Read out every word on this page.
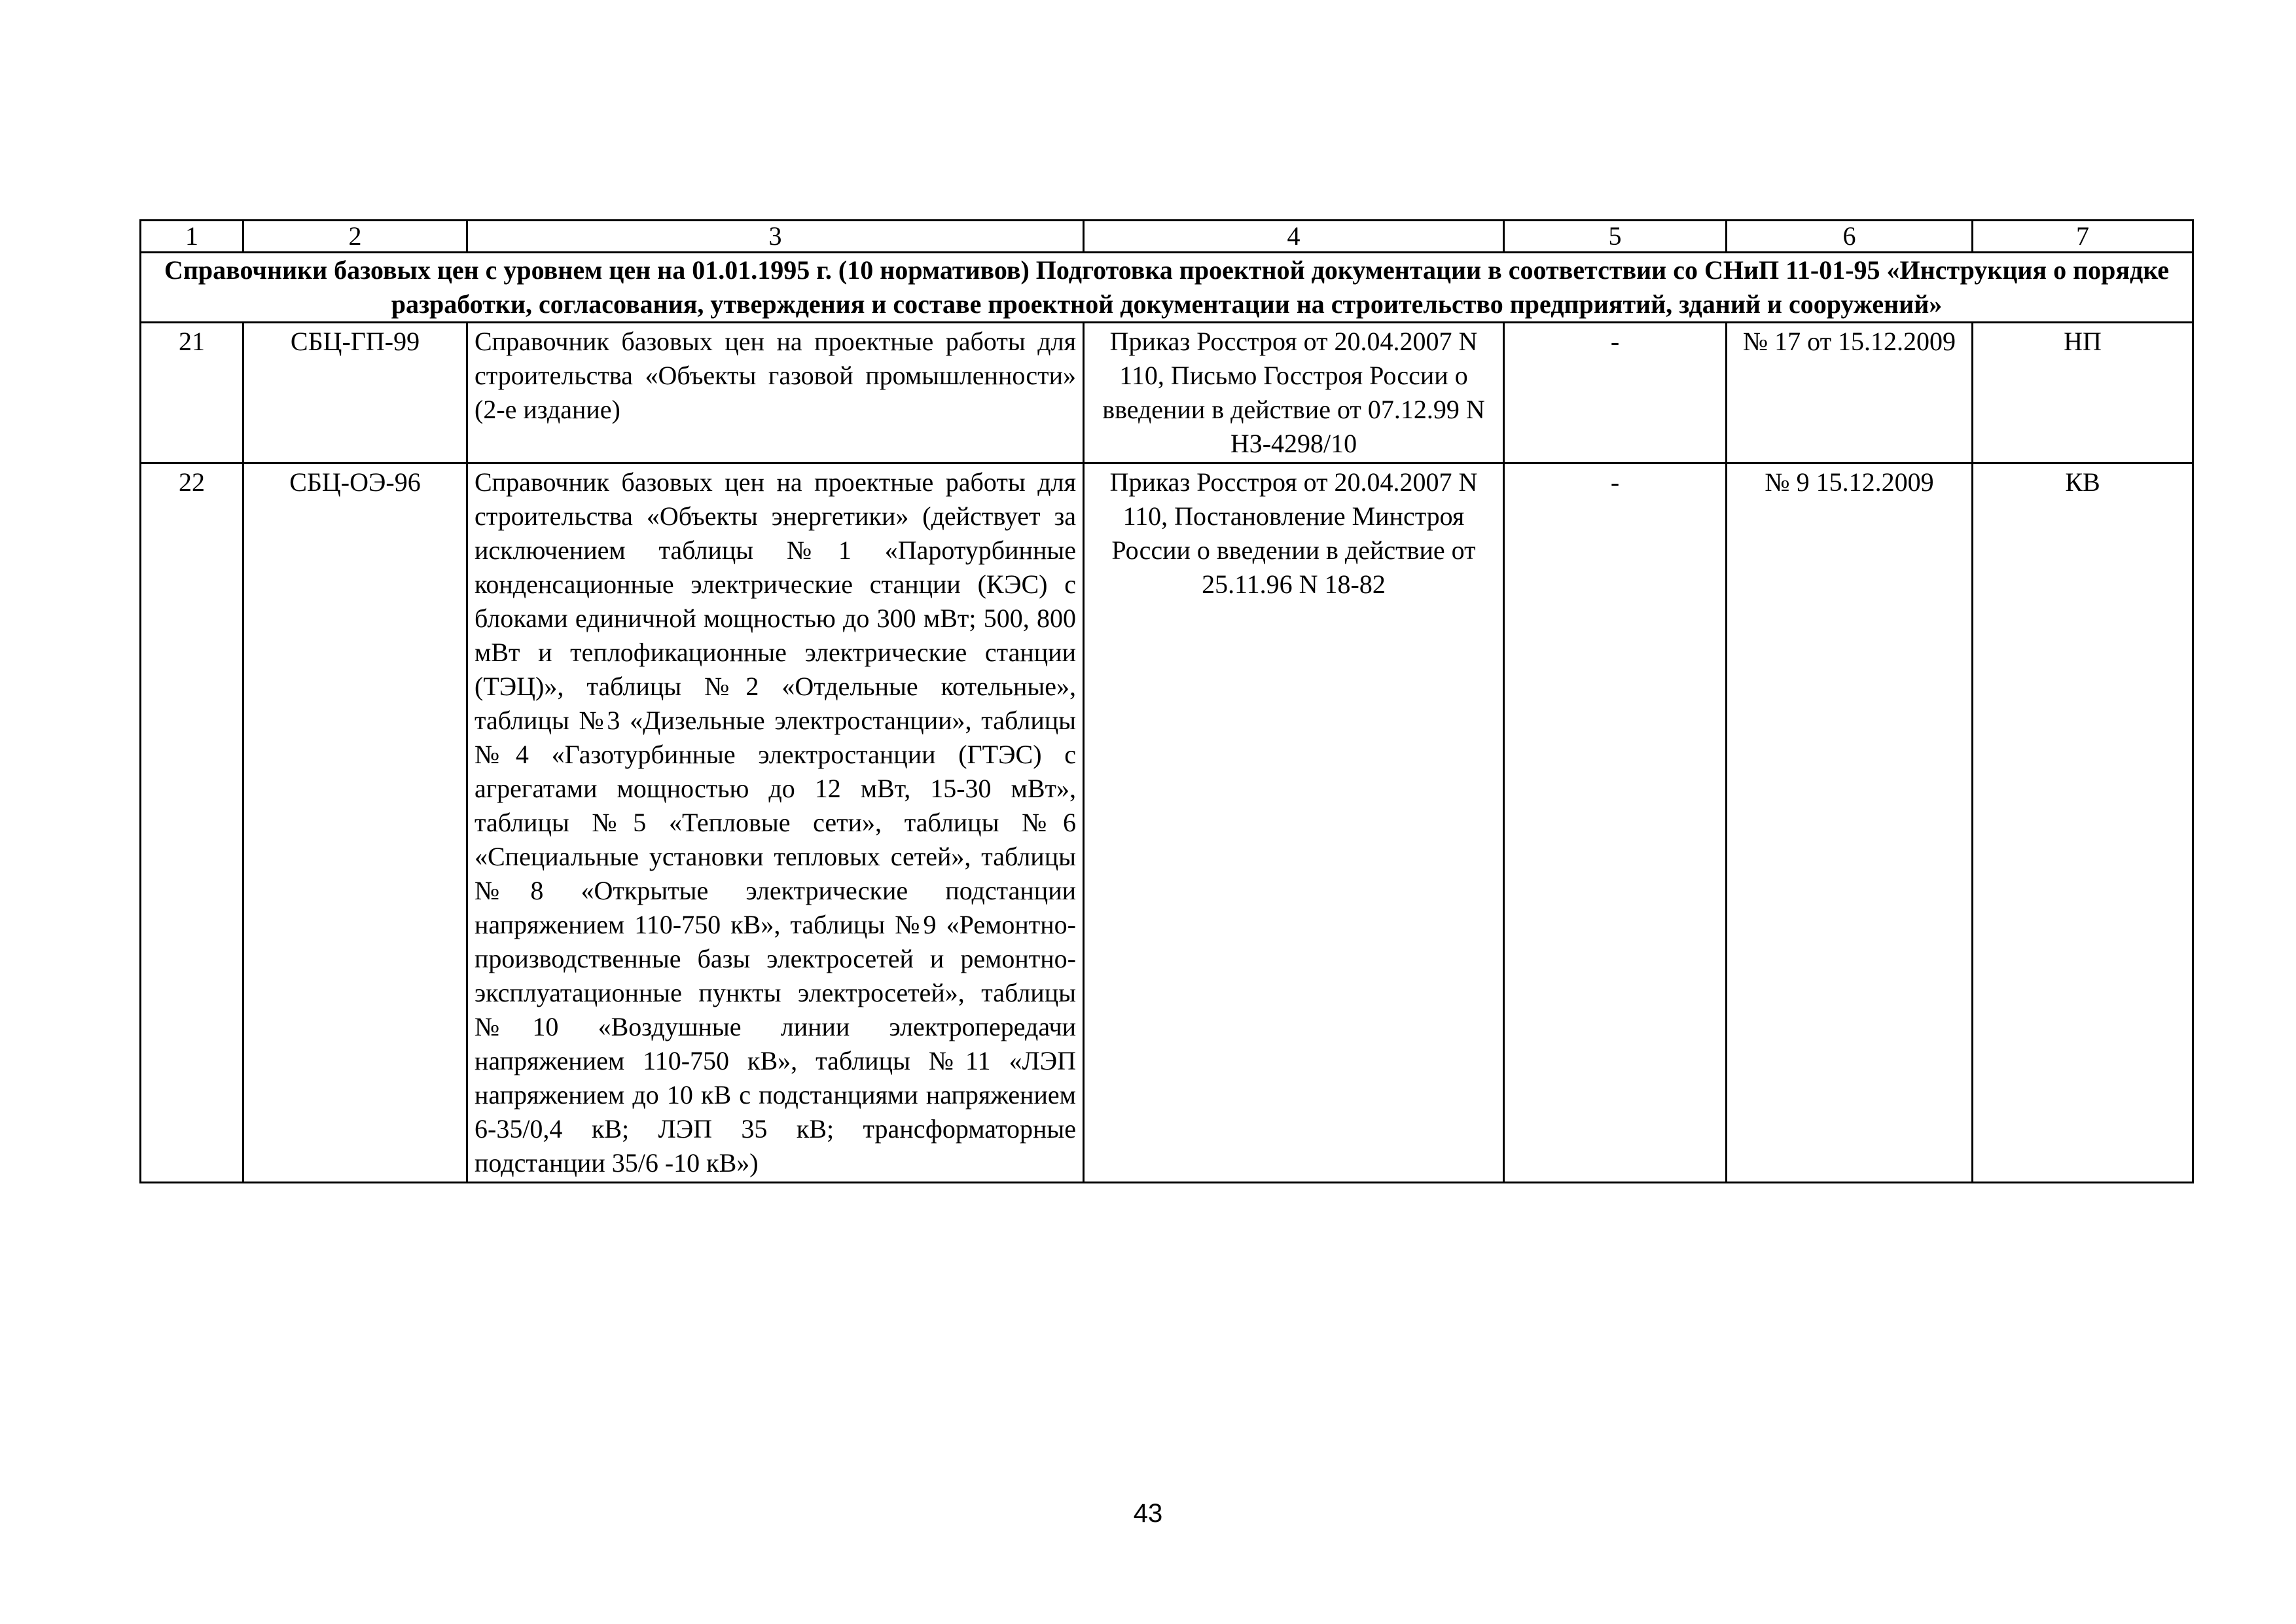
1	2	3	4	5	6	7
Справочники базовых цен с уровнем цен на 01.01.1995 г. (10 нормативов) Подготовка проектной документации в соответствии со СНиП 11-01-95 «Инструкция о порядке разработки, согласования, утверждения и составе проектной документации на строительство предприятий, зданий и сооружений»						
21	СБЦ-ГП-99	Справочник базовых цен на проектные работы для строительства «Объекты газовой промышленности» (2-е издание)	Приказ Росстроя от 20.04.2007 N 110, Письмо Госстроя России о введении в действие от 07.12.99 N НЗ-4298/10	-	№ 17 от 15.12.2009	НП
22	СБЦ-ОЭ-96	Справочник базовых цен на проектные работы для строительства «Объекты энергетики» (действует за исключением таблицы №1 «Паротурбинные конденсационные электрические станции (КЭС) с блоками единичной мощностью до 300 мВт; 500, 800 мВт и теплофикационные электрические станции (ТЭЦ)», таблицы №2 «Отдельные котельные», таблицы №3 «Дизельные электростанции», таблицы №4 «Газотурбинные электростанции (ГТЭС) с агрегатами мощностью до 12 мВт, 15-30 мВт», таблицы №5 «Тепловые сети», таблицы №6 «Специальные установки тепловых сетей», таблицы №8 «Открытые электрические подстанции напряжением 110-750 кВ», таблицы №9 «Ремонтно-производственные базы электросетей и ремонтно-эксплуатационные пункты электросетей», таблицы №10 «Воздушные линии электропередачи напряжением 110-750 кВ», таблицы №11 «ЛЭП напряжением до 10 кВ с подстанциями напряжением 6-35/0,4 кВ; ЛЭП 35 кВ; трансформаторные подстанции 35/6 -10 кВ»)	Приказ Росстроя от 20.04.2007 N 110, Постановление Минстроя России о введении в действие от 25.11.96 N 18-82	-	№ 9 15.12.2009	КВ
43
